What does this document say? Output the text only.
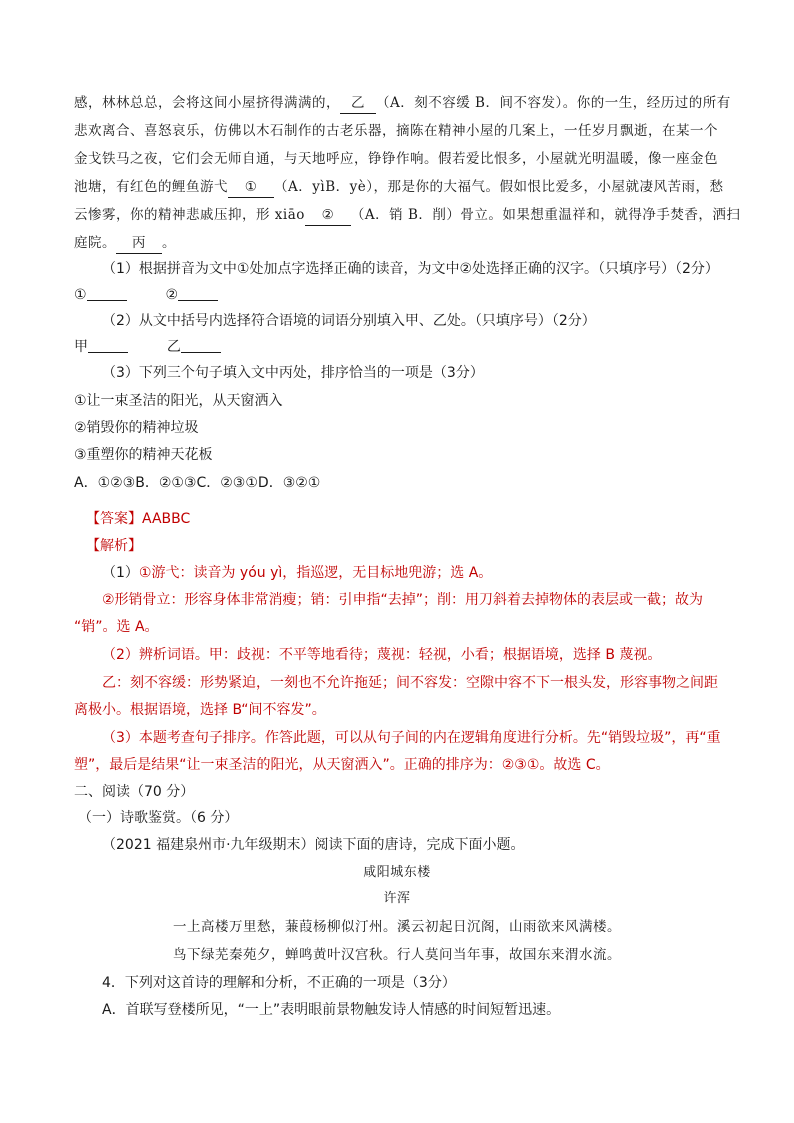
感，林林总总，会将这间小屋挤得满满的， 乙 （A．刻不容缓 B．间不容发）。你的一生，经历过的所有
悲欢离合、喜怒哀乐，仿佛以木石制作的古老乐器，摘陈在精神小屋的几案上，一任岁月飘逝，在某一个
金戈铁马之夜，它们会无师自通，与天地呼应，铮铮作响。假若爱比恨多，小屋就光明温暖，像一座金色
池塘，有红色的鲤鱼游弋 ① （A．yìB．yè），那是你的大福气。假如恨比爱多，小屋就凄风苦雨，愁
云惨雾，你的精神悲戚压抑，形 xiāo ② （A．销 B．削）骨立。如果想重温祥和，就得净手焚香，洒扫
庭院。 丙 。
（1）根据拼音为文中①处加点字选择正确的读音，为文中②处选择正确的汉字。（只填序号）（2分）
①	②
（2）从文中括号内选择符合语境的词语分别填入甲、乙处。（只填序号）（2分）
甲	乙
（3）下列三个句子填入文中丙处，排序恰当的一项是（3分）
①让一束圣洁的阳光，从天窗洒入
②销毁你的精神垃圾
③重塑你的精神天花板
A．①②③B．②①③C．②③①D．③②①
【答案】AABBC
【解析】
（1）①游弋：读音为 yóu yì，指巡逻，无目标地兜游；选 A。
②形销骨立：形容身体非常消瘦；销：引申指“去掉”；削：用刀斜着去掉物体的表层或一截；故为
“销”。选 A。
（2）辨析词语。甲：歧视：不平等地看待；蔑视：轻视，小看；根据语境，选择 B 蔑视。
乙：刻不容缓：形势紧迫，一刻也不允许拖延；间不容发：空隙中容不下一根头发，形容事物之间距
离极小。根据语境，选择 B“间不容发”。
（3）本题考查句子排序。作答此题，可以从句子间的内在逻辑角度进行分析。先“销毁垃圾”，再“重
塑”，最后是结果“让一束圣洁的阳光，从天窗洒入”。正确的排序为：②③①。故选 C。
二、阅读（70 分）
（一）诗歌鉴赏。（6 分）
（2021 福建泉州市·九年级期末）阅读下面的唐诗，完成下面小题。
咸阳城东楼
许浑
一上高楼万里愁，蒹葭杨柳似汀州。溪云初起日沉阁，山雨欲来风满楼。
鸟下绿芜秦苑夕，蝉鸣黄叶汉宫秋。行人莫问当年事，故国东来渭水流。
4．下列对这首诗的理解和分析，不正确的一项是（3分）
A．首联写登楼所见，“一上”表明眼前景物触发诗人情感的时间短暂迅速。
